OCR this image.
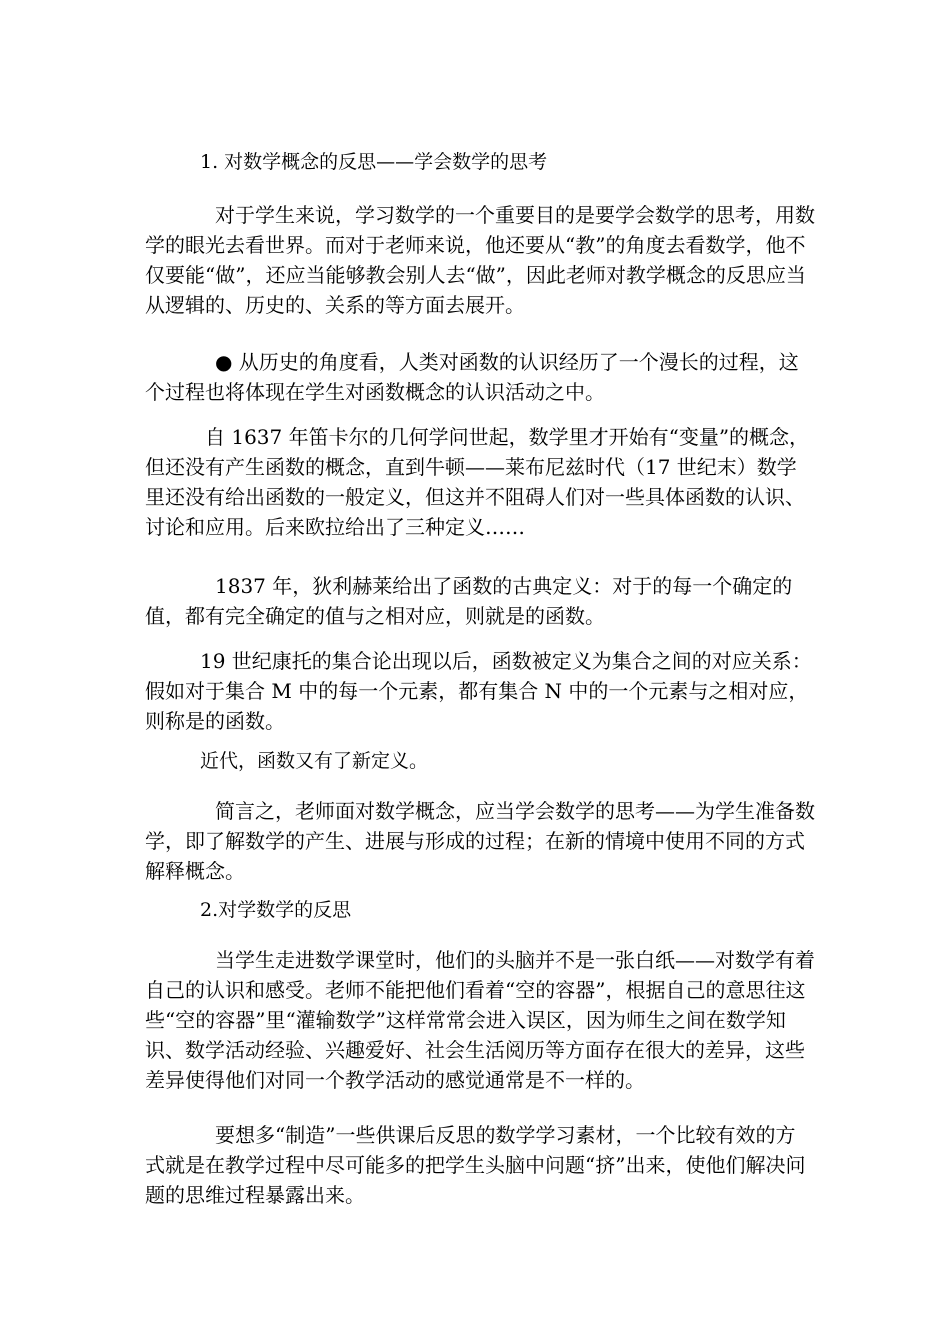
1. 对数学概念的反思——学会数学的思考

对于学生来说，学习数学的一个重要目的是要学会数学的思考，用数学的眼光去看世界。而对于老师来说，他还要从“教”的角度去看数学，他不仅要能“做”，还应当能够教会别人去“做”，因此老师对教学概念的反思应当从逻辑的、历史的、关系的等方面去展开。

● 从历史的角度看，人类对函数的认识经历了一个漫长的过程，这个过程也将体现在学生对函数概念的认识活动之中。

自 1637 年笛卡尔的几何学问世起，数学里才开始有“变量”的概念，但还没有产生函数的概念，直到牛顿——莱布尼兹时代（17 世纪末）数学里还没有给出函数的一般定义，但这并不阻碍人们对一些具体函数的认识、讨论和应用。后来欧拉给出了三种定义……

1837 年，狄利赫莱给出了函数的古典定义：对于的每一个确定的值，都有完全确定的值与之相对应，则就是的函数。

19 世纪康托的集合论出现以后，函数被定义为集合之间的对应关系：假如对于集合 M 中的每一个元素，都有集合 N 中的一个元素与之相对应，则称是的函数。

近代，函数又有了新定义。

简言之，老师面对数学概念，应当学会数学的思考——为学生准备数学，即了解数学的产生、进展与形成的过程；在新的情境中使用不同的方式解释概念。

2.对学数学的反思

当学生走进数学课堂时，他们的头脑并不是一张白纸——对数学有着自己的认识和感受。老师不能把他们看着“空的容器”，根据自己的意思往这些“空的容器”里“灌输数学”这样常常会进入误区，因为师生之间在数学知识、数学活动经验、兴趣爱好、社会生活阅历等方面存在很大的差异，这些差异使得他们对同一个教学活动的感觉通常是不一样的。

要想多“制造”一些供课后反思的数学学习素材，一个比较有效的方式就是在教学过程中尽可能多的把学生头脑中问题“挤”出来，使他们解决问题的思维过程暴露出来。
